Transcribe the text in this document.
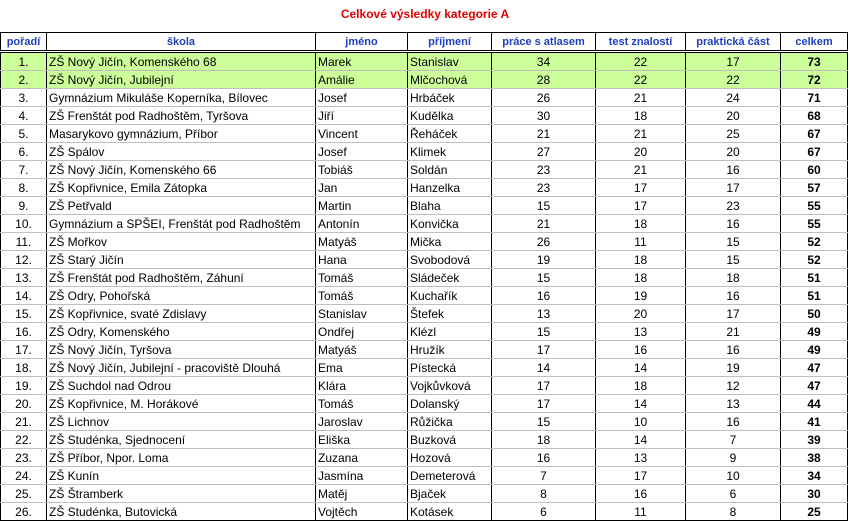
Celkové výsledky kategorie A
pořadí	škola	jméno	příjmení	práce s atlasem	test znalostí	praktická část	celkem
1.	ZŠ Nový Jičín, Komenského 68	Marek	Stanislav	34	22	17	73
2.	ZŠ Nový Jičín, Jubilejní	Amálie	Mlčochová	28	22	22	72
3.	Gymnázium Mikuláše Koperníka, Bílovec	Josef	Hrbáček	26	21	24	71
4.	ZŠ Frenštát pod Radhoštěm, Tyršova	Jiří	Kudělka	30	18	20	68
5.	Masarykovo gymnázium, Příbor	Vincent	Řeháček	21	21	25	67
6.	ZŠ Spálov	Josef	Klimek	27	20	20	67
7.	ZŠ Nový Jičín, Komenského 66	Tobiáš	Soldán	23	21	16	60
8.	ZŠ Kopřivnice, Emila Zátopka	Jan	Hanzelka	23	17	17	57
9.	ZŠ Petřvald	Martin	Blaha	15	17	23	55
10.	Gymnázium a SPŠEI, Frenštát pod Radhoštěm	Antonín	Konvička	21	18	16	55
11.	ZŠ Mořkov	Matyáš	Mička	26	11	15	52
12.	ZŠ Starý Jičín	Hana	Svobodová	19	18	15	52
13.	ZŠ Frenštát pod Radhoštěm, Záhuní	Tomáš	Sládeček	15	18	18	51
14.	ZŠ Odry, Pohořská	Tomáš	Kuchařík	16	19	16	51
15.	ZŠ Kopřivnice, svaté Zdislavy	Stanislav	Štefek	13	20	17	50
16.	ZŠ Odry, Komenského	Ondřej	Klézl	15	13	21	49
17.	ZŠ Nový Jičín, Tyršova	Matyáš	Hružík	17	16	16	49
18.	ZŠ Nový Jičín, Jubilejní - pracoviště Dlouhá	Ema	Pístecká	14	14	19	47
19.	ZŠ Suchdol nad Odrou	Klára	Vojkůvková	17	18	12	47
20.	ZŠ Kopřivnice, M. Horákové	Tomáš	Dolanský	17	14	13	44
21.	ZŠ Lichnov	Jaroslav	Růžička	15	10	16	41
22.	ZŠ Studénka, Sjednocení	Eliška	Buzková	18	14	7	39
23.	ZŠ Příbor, Npor. Loma	Zuzana	Hozová	16	13	9	38
24.	ZŠ Kunín	Jasmína	Demeterová	7	17	10	34
25.	ZŠ Štramberk	Matěj	Bjaček	8	16	6	30
26.	ZŠ Studénka, Butovická	Vojtěch	Kotásek	6	11	8	25
